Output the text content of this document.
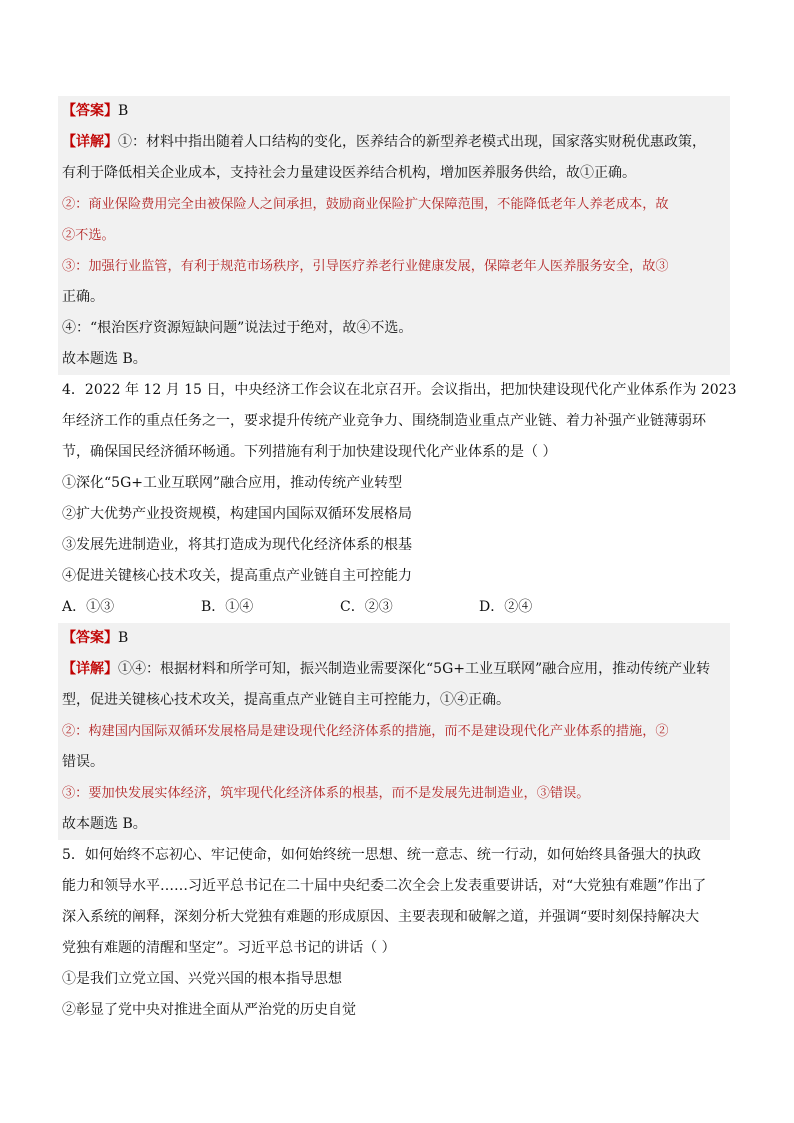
【答案】B
【详解】①：材料中指出随着人口结构的变化，医养结合的新型养老模式出现，国家落实财税优惠政策，
有利于降低相关企业成本，支持社会力量建设医养结合机构，增加医养服务供给，故①正确。
②：商业保险费用完全由被保险人之间承担，鼓励商业保险扩大保障范围，不能降低老年人养老成本，故
②不选。
③：加强行业监管，有利于规范市场秩序，引导医疗养老行业健康发展，保障老年人医养服务安全，故③
正确。
④：“根治医疗资源短缺问题”说法过于绝对，故④不选。
故本题选 B。
4．2022 年 12 月 15 日，中央经济工作会议在北京召开。会议指出，把加快建设现代化产业体系作为 2023
年经济工作的重点任务之一，要求提升传统产业竞争力、围绕制造业重点产业链、着力补强产业链薄弱环
节，确保国民经济循环畅通。下列措施有利于加快建设现代化产业体系的是（ ）
①深化“5G+工业互联网”融合应用，推动传统产业转型
②扩大优势产业投资规模，构建国内国际双循环发展格局
③发展先进制造业，将其打造成为现代化经济体系的根基
④促进关键核心技术攻关，提高重点产业链自主可控能力
A．①③	B．①④	C．②③	D．②④
【答案】B
【详解】①④：根据材料和所学可知，振兴制造业需要深化“5G+工业互联网”融合应用，推动传统产业转
型，促进关键核心技术攻关，提高重点产业链自主可控能力，①④正确。
②：构建国内国际双循环发展格局是建设现代化经济体系的措施，而不是建设现代化产业体系的措施，②
错误。
③：要加快发展实体经济，筑牢现代化经济体系的根基，而不是发展先进制造业，③错误。
故本题选 B。
5．如何始终不忘初心、牢记使命，如何始终统一思想、统一意志、统一行动，如何始终具备强大的执政
能力和领导水平……习近平总书记在二十届中央纪委二次全会上发表重要讲话，对“大党独有难题”作出了
深入系统的阐释，深刻分析大党独有难题的形成原因、主要表现和破解之道，并强调“要时刻保持解决大
党独有难题的清醒和坚定”。习近平总书记的讲话（ ）
①是我们立党立国、兴党兴国的根本指导思想
②彰显了党中央对推进全面从严治党的历史自觉
